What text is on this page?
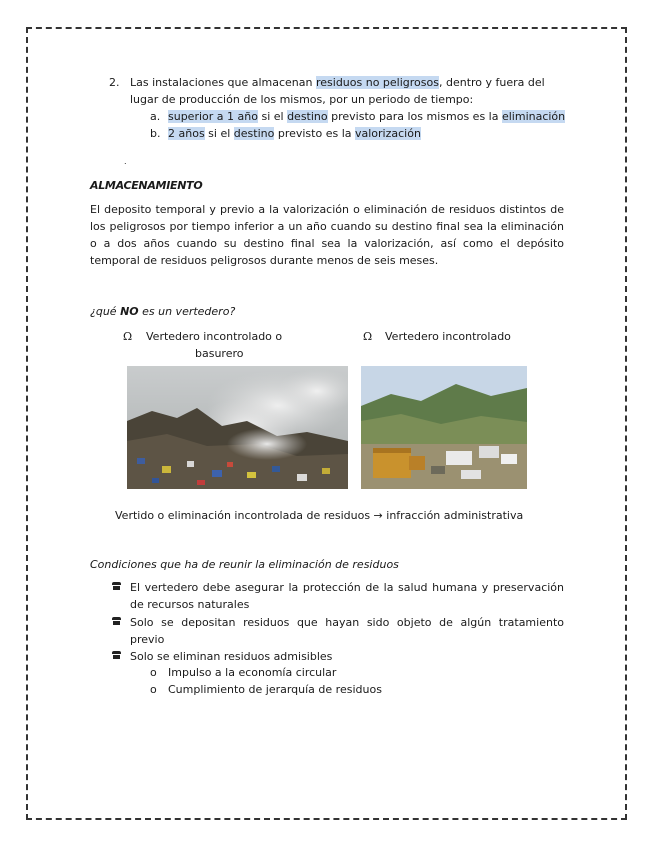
2. Las instalaciones que almacenan residuos no peligrosos, dentro y fuera del
lugar de producción de los mismos, por un periodo de tiempo:
a. superior a 1 año si el destino previsto para los mismos es la eliminación
b. 2 años si el destino previsto es la valorización
.
ALMACENAMIENTO
El deposito temporal y previo a la valorización o eliminación de residuos distintos de
los peligrosos por tiempo inferior a un año cuando su destino final sea la eliminación
o a dos años cuando su destino final sea la valorización, así como el depósito
temporal de residuos peligrosos durante menos de seis meses.
¿qué NO es un vertedero?
Ω Vertedero incontrolado o
basurero
Ω Vertedero incontrolado
Vertido o eliminación incontrolada de residuos → infracción administrativa
Condiciones que ha de reunir la eliminación de residuos
El vertedero debe asegurar la protección de la salud humana y preservación
de recursos naturales
Solo se depositan residuos que hayan sido objeto de algún tratamiento
previo
Solo se eliminan residuos admisibles
o Impulso a la economía circular
o Cumplimiento de jerarquía de residuos
